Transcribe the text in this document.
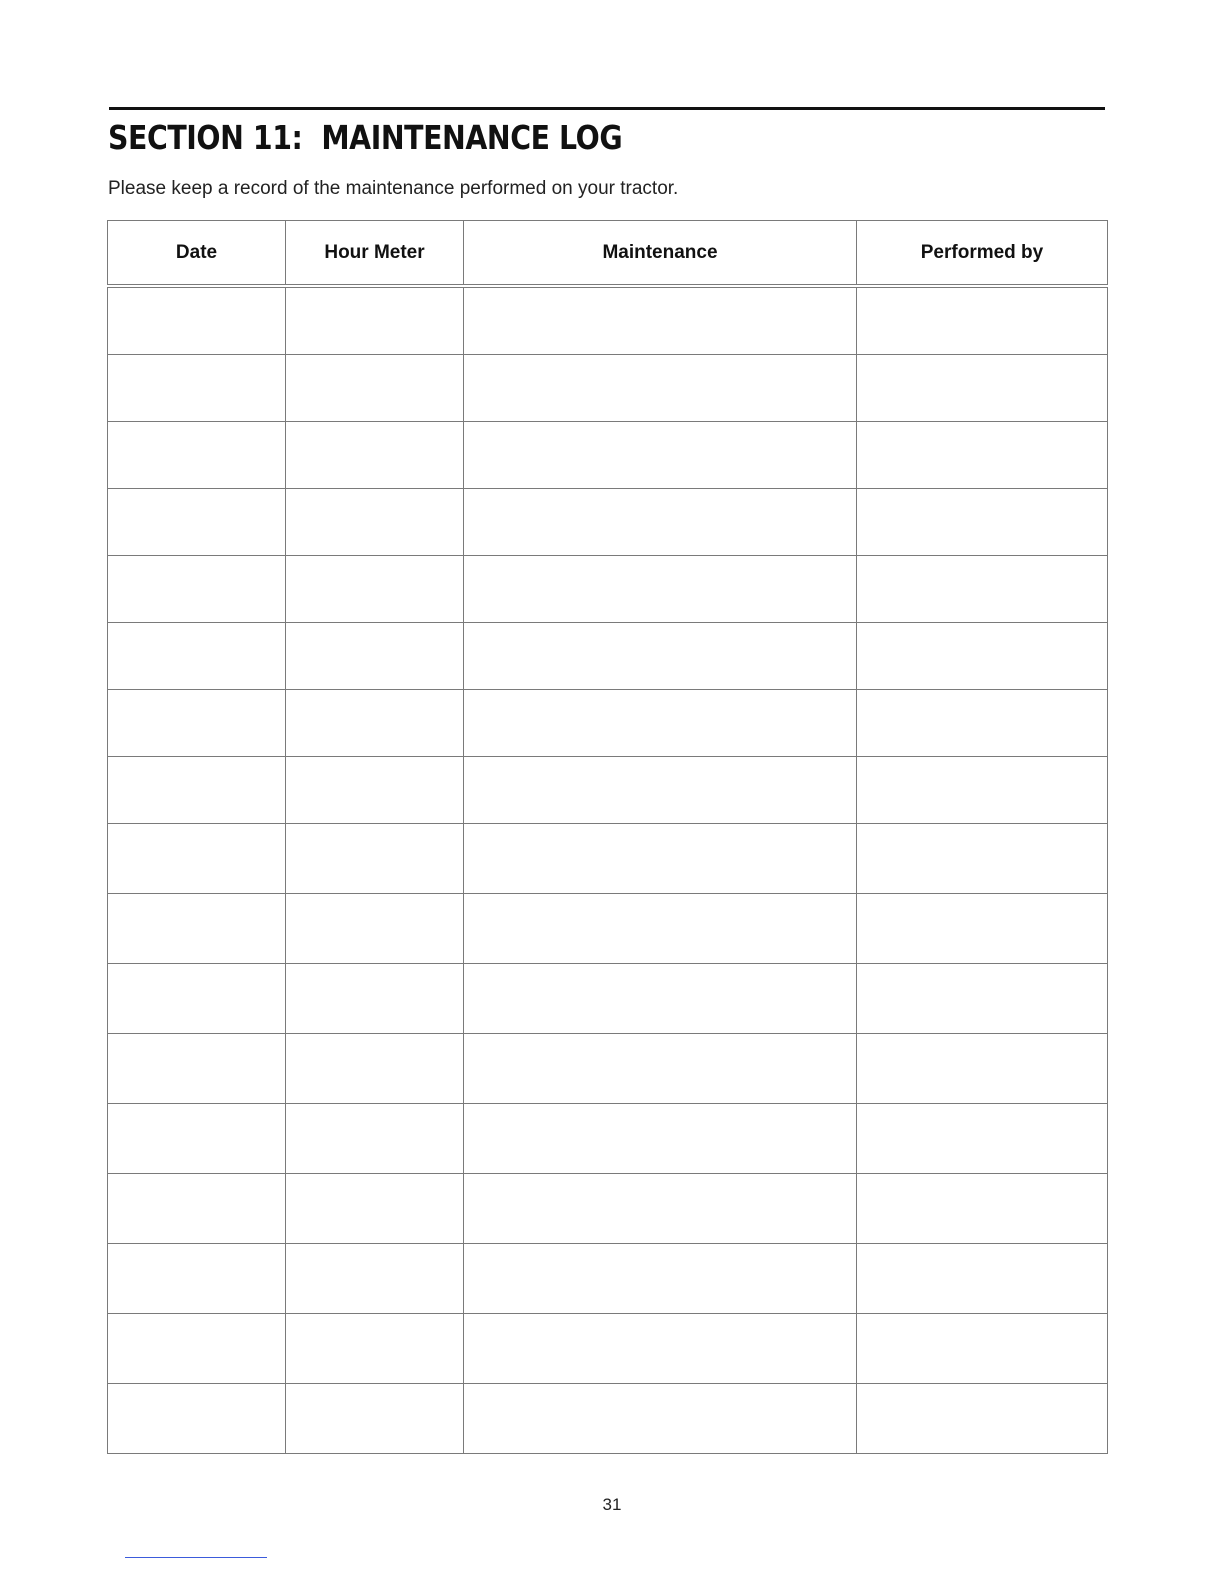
SECTION 11:  MAINTENANCE LOG

Please keep a record of the maintenance performed on your tractor.

Date	Hour Meter	Maintenance	Performed by

31
